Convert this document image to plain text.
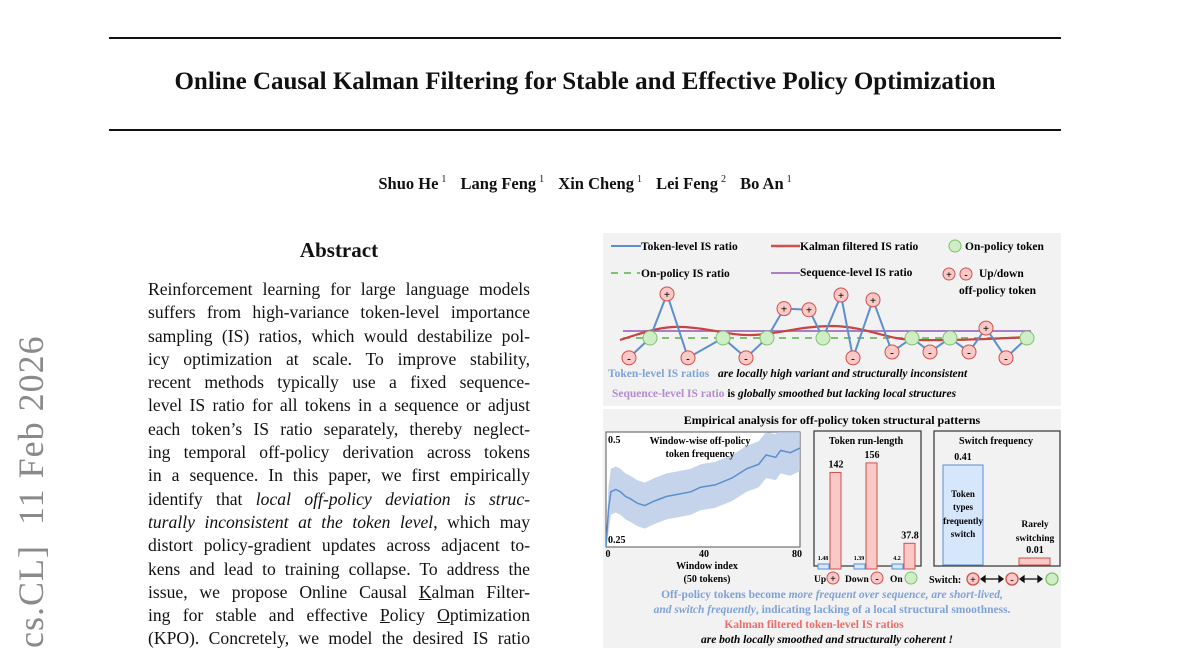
Online Causal Kalman Filtering for Stable and Effective Policy Optimization
Shuo He $^1$ Lang Feng $^1$ Xin Cheng $^1$ Lei Feng $^2$ Bo An $^1$
cs.CL]  11 Feb 2026
Abstract
Reinforcement learning for large language models
suffers from high-variance token-level importance
sampling (IS) ratios, which would destabilize pol-
icy optimization at scale. To improve stability,
recent methods typically use a fixed sequence-
level IS ratio for all tokens in a sequence or adjust
each token’s IS ratio separately, thereby neglect-
ing temporal off-policy derivation across tokens
in a sequence. In this paper, we first empirically
identify that local off-policy deviation is struc-
turally inconsistent at the token level, which may
distort policy-gradient updates across adjacent to-
kens and lead to training collapse. To address the
issue, we propose Online Causal Kalman Filter-
ing for stable and effective Policy Optimization
(KPO). Concretely, we model the desired IS ratio
Token-level IS ratio	Kalman filtered IS ratio	On-policy token
On-policy IS ratio	Sequence-level IS ratio	+ - Up/down
off-policy token
-
+
-	-
+ +
+
-
+
-	-	-
+
-
Token-level IS ratios are locally high variant and structurally inconsistent
Sequence-level IS ratio is globally smoothed but lacking local structures
Empirical analysis for off-policy token structural patterns
Window-wise off-policy
token frequency
0.5
0.25
0	40	80
Window index
(50 tokens)
Token run-length
1.48
142
Up +
1.39
156
Down -
4.2
37.8
On
Switch frequency
0.41
0.01
Token
types
frequently
switch
Rarely
switching
Switch: +	-
Off-policy tokens become more frequent over sequence, are short-lived,
and switch frequently, indicating lacking of a local structural smoothness.
Kalman filtered token-level IS ratios
are both locally smoothed and structurally coherent !
